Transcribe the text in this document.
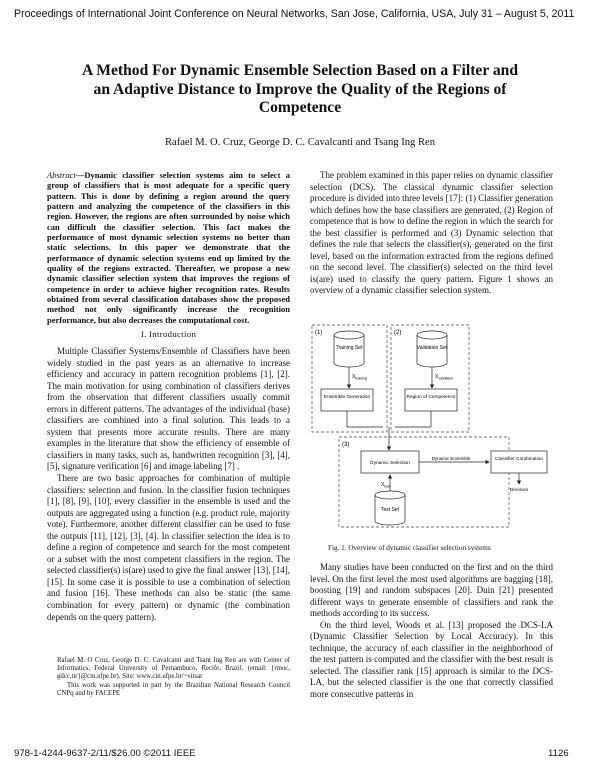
Proceedings of International Joint Conference on Neural Networks, San Jose, California, USA, July 31 – August 5, 2011
A Method For Dynamic Ensemble Selection Based on a Filter and
an Adaptive Distance to Improve the Quality of the Regions of
Competence
Rafael M. O. Cruz, George D. C. Cavalcanti and Tsang Ing Ren
Abstract—Dynamic classifier selection systems aim to select a group of classifiers that is most adequate for a specific query pattern. This is done by defining a region around the query pattern and analyzing the competence of the classifiers in this region. However, the regions are often surrounded by noise which can difficult the classifier selection. This fact makes the performance of most dynamic selection systems no better than static selections. In this paper we demonstrate that the performance of dynamic selection systems end up limited by the quality of the regions extracted. Thereafter, we propose a new dynamic classifier selection system that improves the regions of competence in order to achieve higher recognition rates. Results obtained from several classification databases show the proposed method not only significantly increase the recognition performance, but also decreases the computational cost.
I. Introduction

Multiple Classifier Systems/Ensemble of Classifiers have been widely studied in the past years as an alternative to increase efficiency and accuracy in pattern recognition problems [1], [2]. The main motivation for using combination of classifiers derives from the observation that different classifiers usually commit errors in different patterns. The advantages of the individual (base) classifiers are combined into a final solution. This leads to a system that presents more accurate results. There are many examples in the literature that show the efficiency of ensemble of classifiers in many tasks, such as, handwritten recognition [3], [4], [5], signature verification [6] and image labeling [7] .

There are two basic approaches for combination of multiple classifiers: selection and fusion. In the classifier fusion techniques [1], [8], [9], [10], every classifier in the ensemble is used and the outputs are aggregated using a function (e.g. product rule, majority vote). Furthermore, another different classifier can be used to fuse the outputs [11], [12], [3], [4]. In classifier selection the idea is to define a region of competence and search for the most competent or a subset with the most competent classifiers in the region. The selected classifier(s) is(are) used to give the final answer [13], [14], [15]. In some case it is possible to use a combination of selection and fusion [16]. These methods can also be static (the same combination for every pattern) or dynamic (the combination depends on the query pattern).

Rafael M. O Cruz, George D. C. Cavalcanti and Tsant Ing Ren are with Center of Informatics, Federal University of Pernambuco, Recife, Brazil. (email: {rmoc, gdcc,tir}@cin.ufpe.br). Site: www.cin.ufpe.br/~viisar
This work was supported in part by the Brazilian National Research Council CNPq and by FACEPE

The problem examined in this paper relies on dynamic classifier selection (DCS). The classical dynamic classifier selection procedure is divided into three levels [17]: (1) Classifier generation which defines how the base classifiers are generated, (2) Region of competence that is how to define the region in which the search for the best classifier is performed and (3) Dynamic selection that defines the rule that selects the classifier(s), generated on the first level, based on the information extracted from the regions defined on the second level. The classifier(s) selected on the third level is(are) used to classify the query pattern. Figure 1 shows an overview of a dynamic classifier selection system.

(1)	(2)
(3)
Training Set	Validation Set
$X_{training}$	$X_{validation}$
Ensemble Generation	Region of Competence
Dynamic Selection
Dynamic Ensemble	Classifier Combination
Decision
$X_{test}$
Test Set
Fig. 1. Overview of dynamic classifier selection systems

Many studies have been conducted on the first and on the third level. On the first level the most used algorithms are bagging [18], boosting [19] and random subspaces [20]. Duin [21] presented different ways to generate ensemble of classifiers and rank the methods according to its success.

On the third level, Woods et al. [13] proposed the DCS-LA (Dynamic Classifier Selection by Local Accuracy). In this technique, the accuracy of each classifier in the neighborhood of the test pattern is computed and the classifier with the best result is selected. The classifier rank [15] approach is similar to the DCS-LA, but the selected classifier is the one that correctly classified more consecutive patterns in

978-1-4244-9637-2/11/$26.00 ©2011 IEEE	1126
